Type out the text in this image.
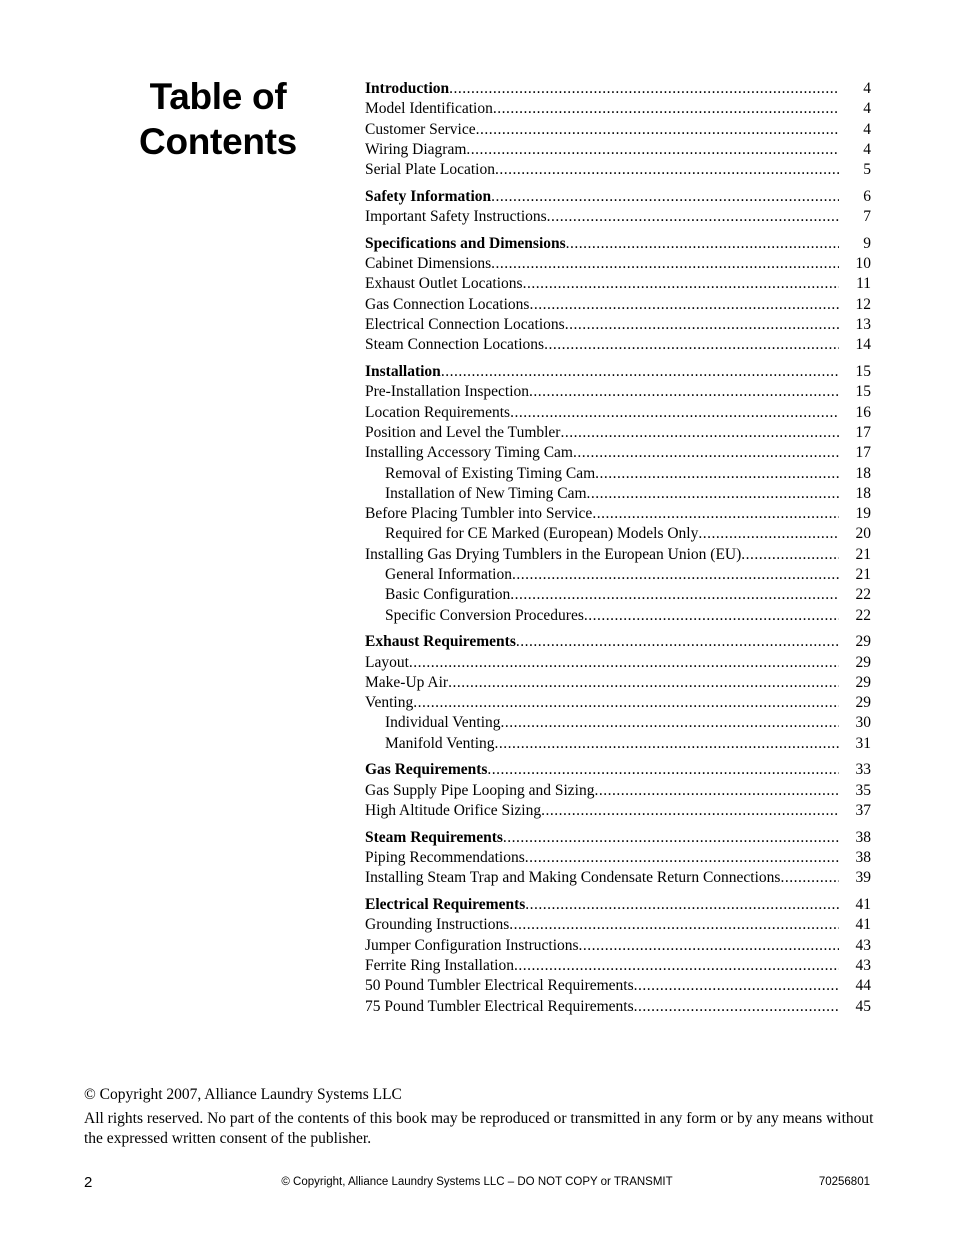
Table of
Contents
Introduction .....	4
Model Identification .....	4
Customer Service .....	4
Wiring Diagram .....	4
Serial Plate Location .....	5
Safety Information .....	6
Important Safety Instructions .....	7
Specifications and Dimensions .....	9
Cabinet Dimensions .....	10
Exhaust Outlet Locations .....	11
Gas Connection Locations .....	12
Electrical Connection Locations .....	13
Steam Connection Locations .....	14
Installation .....	15
Pre-Installation Inspection .....	15
Location Requirements .....	16
Position and Level the Tumbler .....	17
Installing Accessory Timing Cam .....	17
Removal of Existing Timing Cam .....	18
Installation of New Timing Cam .....	18
Before Placing Tumbler into Service .....	19
Required for CE Marked (European) Models Only .....	20
Installing Gas Drying Tumblers in the European Union (EU) .....	21
General Information .....	21
Basic Configuration .....	22
Specific Conversion Procedures .....	22
Exhaust Requirements .....	29
Layout .....	29
Make-Up Air .....	29
Venting .....	29
Individual Venting .....	30
Manifold Venting .....	31
Gas Requirements .....	33
Gas Supply Pipe Looping and Sizing .....	35
High Altitude Orifice Sizing .....	37
Steam Requirements .....	38
Piping Recommendations .....	38
Installing Steam Trap and Making Condensate Return Connections .....	39
Electrical Requirements .....	41
Grounding Instructions .....	41
Jumper Configuration Instructions .....	43
Ferrite Ring Installation .....	43
50 Pound Tumbler Electrical Requirements .....	44
75 Pound Tumbler Electrical Requirements .....	45
© Copyright 2007, Alliance Laundry Systems LLC
All rights reserved. No part of the contents of this book may be reproduced or transmitted in any form or by any means without the expressed written consent of the publisher.
2	© Copyright, Alliance Laundry Systems LLC – DO NOT COPY or TRANSMIT	70256801
